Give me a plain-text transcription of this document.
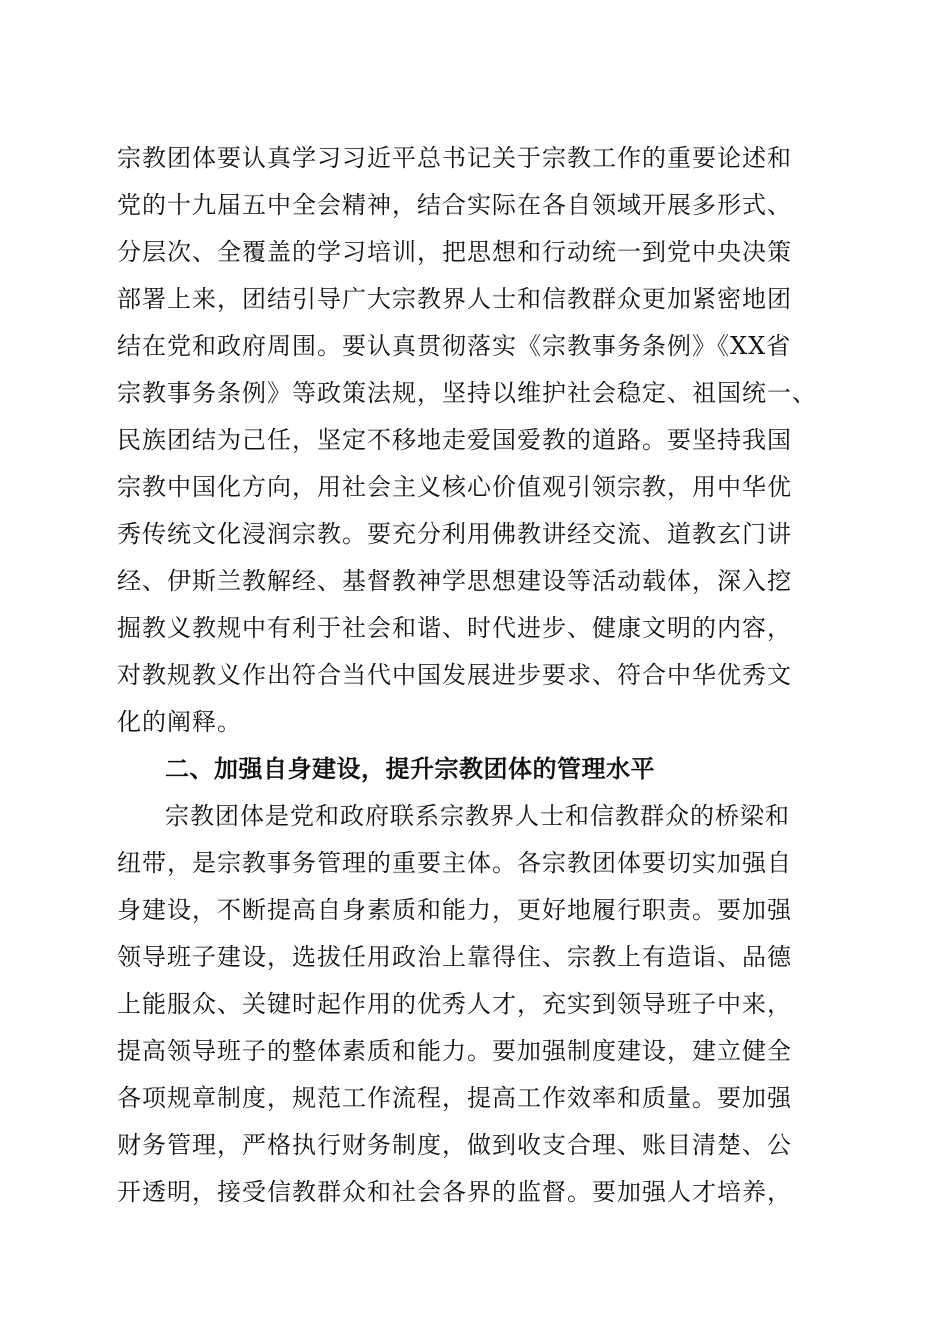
宗教团体要认真学习习近平总书记关于宗教工作的重要论述和
党的十九届五中全会精神，结合实际在各自领域开展多形式、
分层次、全覆盖的学习培训，把思想和行动统一到党中央决策
部署上来，团结引导广大宗教界人士和信教群众更加紧密地团
结在党和政府周围。要认真贯彻落实《宗教事务条例》《XX省
宗教事务条例》等政策法规，坚持以维护社会稳定、祖国统一、
民族团结为己任，坚定不移地走爱国爱教的道路。要坚持我国
宗教中国化方向，用社会主义核心价值观引领宗教，用中华优
秀传统文化浸润宗教。要充分利用佛教讲经交流、道教玄门讲
经、伊斯兰教解经、基督教神学思想建设等活动载体，深入挖
掘教义教规中有利于社会和谐、时代进步、健康文明的内容，
对教规教义作出符合当代中国发展进步要求、符合中华优秀文
化的阐释。
二、加强自身建设，提升宗教团体的管理水平
宗教团体是党和政府联系宗教界人士和信教群众的桥梁和
纽带，是宗教事务管理的重要主体。各宗教团体要切实加强自
身建设，不断提高自身素质和能力，更好地履行职责。要加强
领导班子建设，选拔任用政治上靠得住、宗教上有造诣、品德
上能服众、关键时起作用的优秀人才，充实到领导班子中来，
提高领导班子的整体素质和能力。要加强制度建设，建立健全
各项规章制度，规范工作流程，提高工作效率和质量。要加强
财务管理，严格执行财务制度，做到收支合理、账目清楚、公
开透明，接受信教群众和社会各界的监督。要加强人才培养，
